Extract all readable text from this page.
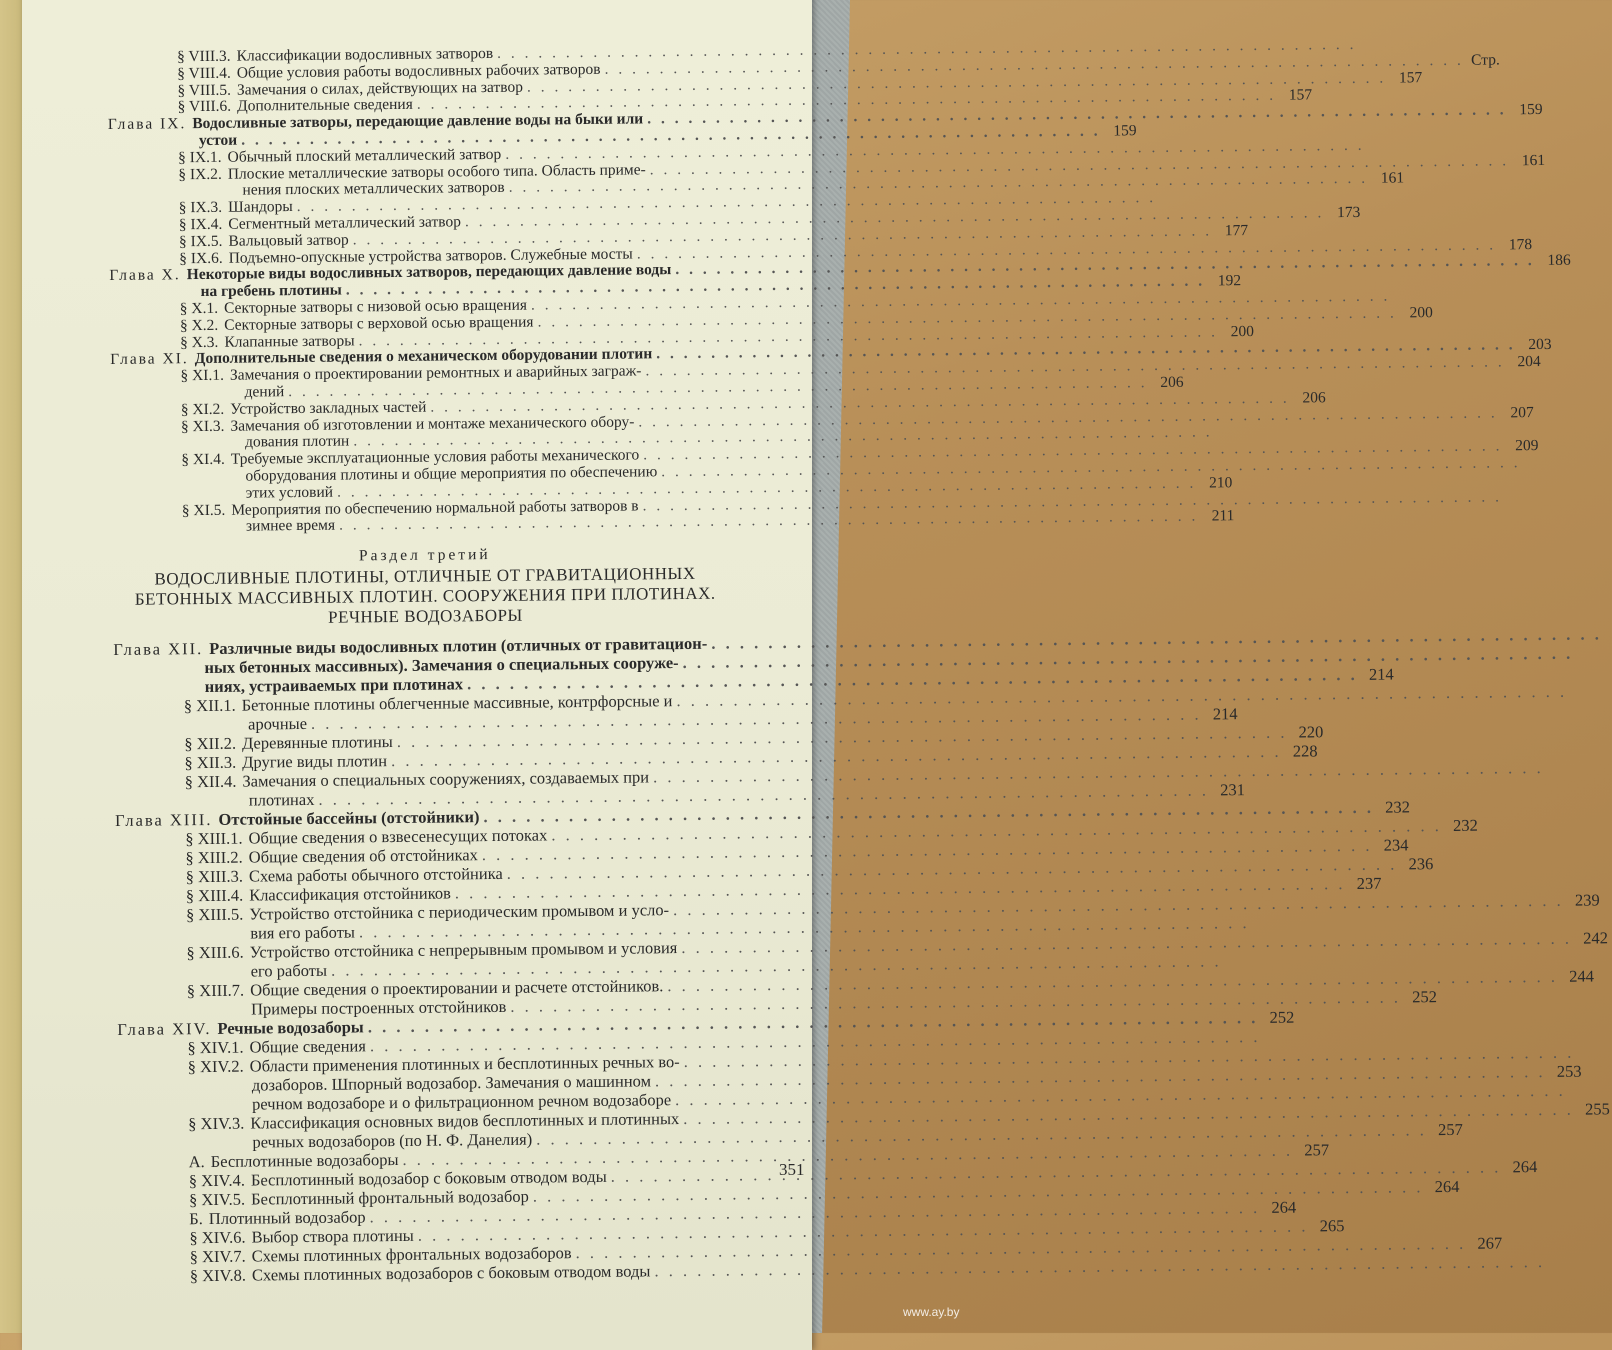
§ VIII.3. Классификации водосливных затворов
. . .
§ VIII.4. Общие условия работы водосливных рабочих затворов
. . .
Стр.
§ VIII.5. Замечания о силах, действующих на затвор
. . .
157
§ VIII.6. Дополнительные сведения
. . .
157
Глава IX. Водосливные затворы, передающие давление воды на быки или
. . .
159
устои
. . .
159
§ IX.1. Обычный плоский металлический затвор
. . .
§ IX.2. Плоские металлические затворы особого типа. Область приме-
. . .
161
нения плоских металлических затворов
. . .
161
§ IX.3. Шандоры
. . .
§ IX.4. Сегментный металлический затвор
. . .
173
§ IX.5. Вальцовый затвор
. . .
177
§ IX.6. Подъемно-опускные устройства затворов. Служебные мосты
. . .
178
Глава X. Некоторые виды водосливных затворов, передающих давление воды
. . .
186
на гребень плотины
. . .
192
§ X.1. Секторные затворы с низовой осью вращения
. . .
§ X.2. Секторные затворы с верховой осью вращения
. . .
200
§ X.3. Клапанные затворы
. . .
200
Глава XI. Дополнительные сведения о механическом оборудовании плотин
. . .
203
§ XI.1. Замечания о проектировании ремонтных и аварийных заграж-
. . .
204
дений
. . .
206
§ XI.2. Устройство закладных частей
. . .
206
§ XI.3. Замечания об изготовлении и монтаже механического обору-
. . .
207
дования плотин
. . .
§ XI.4. Требуемые эксплуатационные условия работы механического
. . .
209
оборудования плотины и общие мероприятия по обеспечению
. . .
этих условий
. . .
210
§ XI.5. Мероприятия по обеспечению нормальной работы затворов в
. . .
зимнее время
. . .
211
Раздел третий
ВОДОСЛИВНЫЕ ПЛОТИНЫ, ОТЛИЧНЫЕ ОТ ГРАВИТАЦИОННЫХ
БЕТОННЫХ МАССИВНЫХ ПЛОТИН. СООРУЖЕНИЯ ПРИ ПЛОТИНАХ.
РЕЧНЫЕ ВОДОЗАБОРЫ
Глава XII. Различные виды водосливных плотин (отличных от гравитацион-
. . .
ных бетонных массивных). Замечания о специальных сооруже-
. . .
ниях, устраиваемых при плотинах
. . .
214
§ XII.1. Бетонные плотины облегченные массивные, контрфорсные и
. . .
арочные
. . .
214
§ XII.2. Деревянные плотины
. . .
220
§ XII.3. Другие виды плотин
. . .
228
§ XII.4. Замечания о специальных сооружениях, создаваемых при
. . .
плотинах
. . .
231
Глава XIII. Отстойные бассейны (отстойники)
. . .
232
§ XIII.1. Общие сведения о взвесенесущих потоках
. . .
232
§ XIII.2. Общие сведения об отстойниках
. . .
234
§ XIII.3. Схема работы обычного отстойника
. . .
236
§ XIII.4. Классификация отстойников
. . .
237
§ XIII.5. Устройство отстойника с периодическим промывом и усло-
. . .
239
вия его работы
. . .
§ XIII.6. Устройство отстойника с непрерывным промывом и условия
. . .
242
его работы
. . .
§ XIII.7. Общие сведения о проектировании и расчете отстойников.
. . .
244
Примеры построенных отстойников
. . .
252
Глава XIV. Речные водозаборы
. . .
252
§ XIV.1. Общие сведения
. . .
§ XIV.2. Области применения плотинных и бесплотинных речных во-
. . .
дозаборов. Шпорный водозабор. Замечания о машинном
. . .
253
речном водозаборе и о фильтрационном речном водозаборе
. . .
§ XIV.3. Классификация основных видов бесплотинных и плотинных
. . .
255
речных водозаборов (по Н. Ф. Данелия)
. . .
257
А. Бесплотинные водозаборы
. . .
257
§ XIV.4. Бесплотинный водозабор с боковым отводом воды
. . .
264
§ XIV.5. Бесплотинный фронтальный водозабор
. . .
264
Б. Плотинный водозабор
. . .
264
§ XIV.6. Выбор створа плотины
. . .
265
§ XIV.7. Схемы плотинных фронтальных водозаборов
. . .
267
§ XIV.8. Схемы плотинных водозаборов с боковым отводом воды
. . .
351
www.ay.by
